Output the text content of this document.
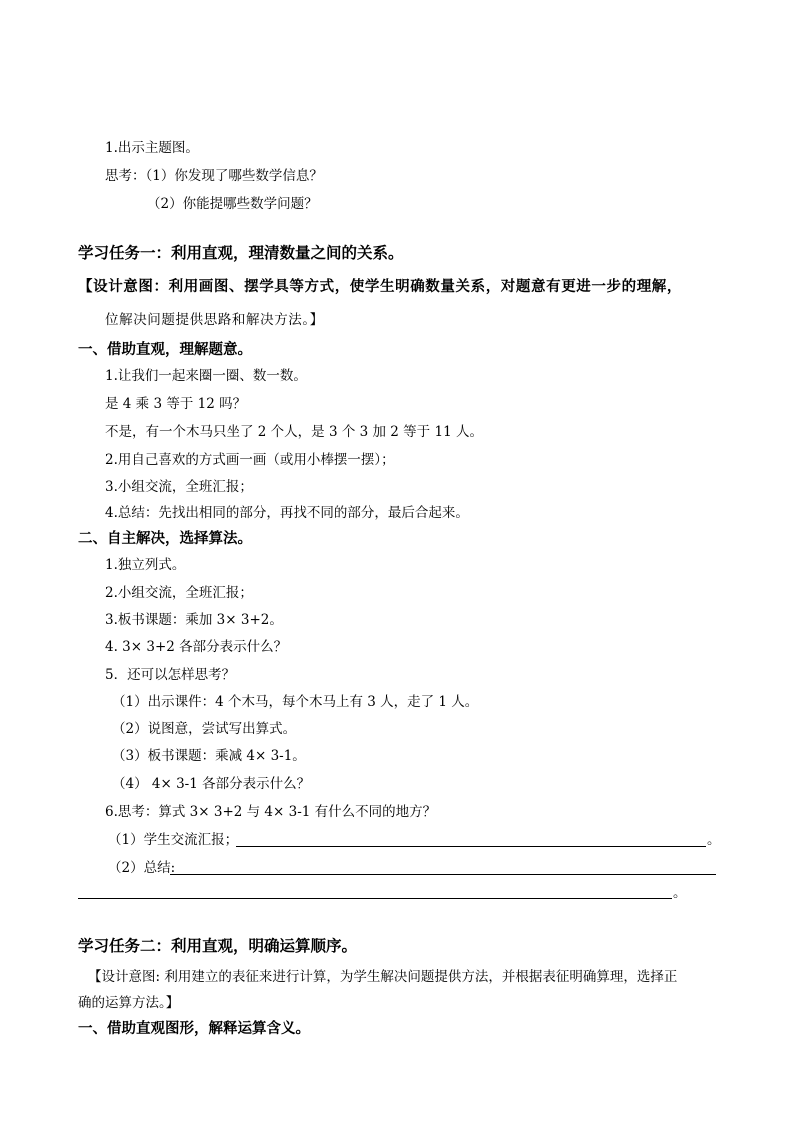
1.出示主题图。
思考：（1）你发现了哪些数学信息？
（2）你能提哪些数学问题？
学习任务一：利用直观，理清数量之间的关系。
【设计意图：利用画图、摆学具等方式，使学生明确数量关系，对题意有更进一步的理解，
位解决问题提供思路和解决方法。】
一、借助直观，理解题意。
1.让我们一起来圈一圈、数一数。
是 4 乘 3 等于 12 吗？
不是，有一个木马只坐了 2 个人，是 3 个 3 加 2 等于 11 人。
2.用自己喜欢的方式画一画（或用小棒摆一摆）；
3.小组交流，全班汇报；
4.总结：先找出相同的部分，再找不同的部分，最后合起来。
二、自主解决，选择算法。
1.独立列式。
2.小组交流，全班汇报；
3.板书课题：乘加 3× 3+2。
4. 3× 3+2 各部分表示什么？
5．还可以怎样思考？
（1）出示课件：4 个木马，每个木马上有 3 人，走了 1 人。
（2）说图意，尝试写出算式。
（3）板书课题：乘减 4× 3-1。
（4） 4× 3-1 各部分表示什么？
6.思考：算式 3× 3+2 与 4× 3-1 有什么不同的地方？
（1）学生交流汇报；	。
（2）总结:
。
学习任务二：利用直观，明确运算顺序。
【设计意图: 利用建立的表征来进行计算，为学生解决问题提供方法，并根据表征明确算理，选择正
确的运算方法。】
一、借助直观图形，解释运算含义。
